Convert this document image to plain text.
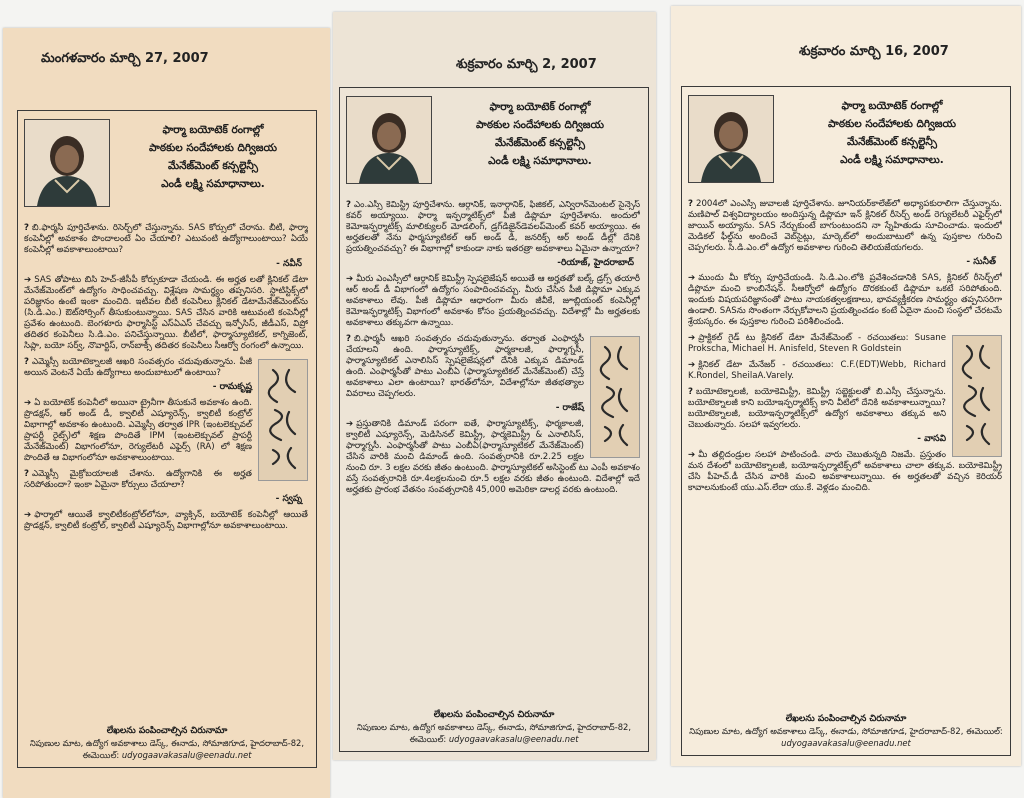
మంగళవారం మార్చి 27, 2007
ఫార్మా బయోటెక్ రంగాల్లో
పాఠకుల సందేహాలకు దిగ్విజయ
మేనేజ్‌మెంట్ కన్సల్టెన్సీ
ఎండీ లక్ష్మి సమాధానాలు.
? బి.ఫార్మసీ పూర్తిచేశాను. రిసెర్చ్‌లో చేస్తున్నాను. SAS కోర్సులో చేరాను. బీటీ, ఫార్మా కంపెనీల్లో అవకాశం పొందాలంటే ఏం చేయాలి? ఎటువంటి ఉద్యోగాలుంటాయి? ఏయే కంపెనీల్లో అవకాశాలుంటాయి?
- నవీన్
➔ SAS తోపాటు బిసి హెచ్-జీసీపీ కోర్సుకూడా చేయండి. ఈ అర్హత లతో క్లినికల్ డేటా మేనేజ్‌మెంట్‌లో ఉద్యోగం సాధించవచ్చు. విశ్లేషణ సామర్థ్యం తప్పనిసరి. స్టాటిస్టిక్స్‌లో పరిజ్ఞానం ఉంటే ఇంకా మంచిది. ఇటీవల బీటీ కంపెనీలు క్లినికల్ డేటామేనేజ్‌మెంట్‌ను (సి.డి.ఎం.) ఔట్‌సోర్సింగ్ తీసుకుంటున్నాయి. SAS చేసిన వారికి ఆటువంటి కంపెనీల్లో ప్రవేశం ఉంటుంది. బెంగళూరు ఫార్మాసిస్ట్ ఎస్ఏఎస్ చేవచ్చు ఇన్ఫోసిస్, జీడీఎస్, విప్రో తదితర కంపెనీలు సి.డి.ఎం. పనిచేస్తున్నాయి. బీటీలో, ఫార్మాస్యూటికల్, కాగ్నిజెంట్, సిప్లా, బయో సర్వ్, నొవార్టిస్, రాన్‌బాక్సీ తదితర కంపెనీలు సీఆర్వో రంగంలో ఉన్నాయి.
? ఎమ్మెస్సీ బయోటెక్నాలజీ ఆఖరి సంవత్సరం చదువుతున్నాను. పీజీ అయిన వెంటనే ఏయే ఉద్యోగాలు అందుబాటులో ఉంటాయి?
- రామకృష్ణ
➔ ఏ బయోటెక్ కంపెనీలో అయినా ట్రైనీగా తీసుకునే అవకాశం ఉంది. ప్రొడక్షన్, ఆర్ అండ్ డీ, క్వాలిటీ ఎష్యూరెన్స్, క్వాలిటీ కంట్రోల్ విభాగాల్లో అవకాశం ఉంటుంది. ఎమ్మెస్సీ తర్వాత IPR (ఇంటలెక్చువల్ ప్రాపర్టీ రైట్స్)లో శిక్షణ పొందితే IPM (ఇంటలెక్చువల్ ప్రాపర్టీ మేనేజ్‌మెంట్) విభాగంలోనూ, రెగ్యులేటరీ ఎఫైర్స్ (RA) లో శిక్షణ పొందితే ఆ విభాగంలోనూ అవకాశాలుంటాయి.
? ఎమ్మెస్సీ మైక్రోబయాలజీ చేశాను. ఉద్యోగానికి ఈ అర్హత సరిపోతుందా? ఇంకా ఏమైనా కోర్సులు చేయాలా?
- స్వప్న
➔ ఫార్మాలో ఆయితే క్వాలిటీకంట్రోల్‌లోనూ, వ్యాక్సిన్, బయోటెక్ కంపెనీల్లో ఆయితే ప్రొడక్షన్, క్వాలిటీ కంట్రోల్, క్వాలిటీ ఎష్యూరెన్స్ విభాగాల్లోనూ అవకాశాలుంటాయి.
లేఖలను పంపించాల్సిన చిరునామా
నిపుణుల మాట, ఉద్యోగ అవకాశాలు డెస్క్, ఈనాడు, సోమాజిగూడ, హైదరాబాద్-82, ఈమెయిల్: udyogaavakasalu@eenadu.net
శుక్రవారం మార్చి 2, 2007
ఫార్మా బయోటెక్ రంగాల్లో
పాఠకుల సందేహాలకు దిగ్విజయ
మేనేజ్‌మెంట్ కన్సల్టెన్సీ
ఎండీ లక్ష్మి సమాధానాలు.
? ఎం.ఎస్సీ కెమిస్ట్రీ పూర్తిచేశాను. ఆర్గానిక్, ఇనార్గానిక్, ఫిజికల్, ఎన్విరాన్‌మెంటల్ సైన్సెస్ కవర్ అయ్యాయి. ఫార్మా ఇన్ఫర్మాటిక్స్‌లో పీజీ డిప్లొమా పూర్తిచేశాను. అందులో కెమోఇన్ఫర్మాటిక్స్ మాలిక్యులర్ మోడలింగ్, డ్రగ్‌డిజైన్‌డెవలప్‌మెంట్ కవర్ అయ్యాయి. ఈ అర్హతలతో నేను ఫార్మస్యూటికల్ ఆర్ అండ్ డీ, జనరిక్స్ ఆర్ అండ్ డీల్లో దేనికి ప్రయత్నించవచ్చు? ఈ విభాగాల్లో కాకుండా నాకు ఇతరత్రా అవకాశాలు ఏమైనా ఉన్నాయా?
-రియాజ్, హైదరాబాద్
➔ మీరు ఎంఎస్సీలో ఆర్గానిక్ కెమిస్ట్రీ స్పెషలైజేషన్ అయితే ఆ అర్హతతో బల్క్ డ్రగ్స్ తయారీ ఆర్ అండ్ డీ విభాగంలో ఉద్యోగం సంపాదించవచ్చు. మీరు చేసిన పీజీ డిప్లొమా ఎక్కువ అవకాశాలు లేవు. పీజీ డిప్లొమా ఆధారంగా మీరు జీవీకే, జూబ్లియంట్ కంపెనీల్లో కెమోఇన్ఫర్మాటిక్స్ విభాగంలో అవకాశం కోసం ప్రయత్నించవచ్చు. విదేశాల్లో మీ అర్హతలకు అవకాశాలు తక్కువగా ఉన్నాయి.
? బి.ఫార్మసీ ఆఖరి సంవత్సరం చదువుతున్నాను. తర్వాత ఎంఫార్మసీ చేయాలని ఉంది. ఫార్మాస్యూటిక్స్, ఫార్మకాలజీ, ఫార్మాగ్నసీ, ఫార్మాస్యూటికల్ ఎనాలిసిస్ స్పెషలైజేషన్లలో దేనికి ఎక్కువ డిమాండ్ ఉంది. ఎంఫార్మసీతో పాటు ఎంబీఏ (ఫార్మాస్యూటికల్ మేనేజ్‌మెంట్) చేస్తే అవకాశాలు ఎలా ఉంటాయి? భారత్‌లోనూ, విదేశాల్లోనూ జీతభత్యాల వివరాలు చెప్పగలరు.
- రాజేష్
➔ ప్రస్తుతానికి డిమాండ్ పరంగా ఐతే, ఫార్మాస్యూటిక్స్, ఫార్మకాలజీ, క్వాలిటీ ఎష్యూరెన్స్, మెడిసినల్ కెమిస్ట్రీ, ఫార్మకెమిస్ట్రీ & ఎనాలిసిస్, ఫార్మాగ్నసీ. ఎంఫార్మసీతో పాటు ఎంబీఏ(ఫార్మాస్యూటికల్ మేనేజ్‌మెంట్) చేసిన వారికి మంచి డిమాండ్ ఉంది. సంవత్సరానికి రూ.2.25 లక్షల నుంచి రూ. 3 లక్షల వరకు జీతం ఉంటుంది. ఫార్మాస్యూటికల్ అసిస్టెంట్ టు ఎంపీ అవకాశం వస్తే సంవత్సరానికి రూ.4లక్షలనుంచి రూ.5 లక్షల వరకు జీతం ఉంటుంది. విదేశాల్లో ఇదే అర్హతకు ప్రారంభ వేతనం సంవత్సరానికి 45,000 అమెరికా డాలర్ల వరకు ఉంటుంది.
లేఖలను పంపించాల్సిన చిరునామా
నిపుణుల మాట, ఉద్యోగ అవకాశాలు డెస్క్, ఈనాడు, సోమాజిగూడ, హైదరాబాద్-82, ఈమెయిల్: udyogaavakasalu@eenadu.net
శుక్రవారం మార్చి 16, 2007
ఫార్మా బయోటెక్ రంగాల్లో
పాఠకుల సందేహాలకు దిగ్విజయ
మేనేజ్‌మెంట్ కన్సల్టెన్సీ
ఎండీ లక్ష్మి సమాధానాలు.
? 2004లో ఎంఎస్సీ జువాలజీ పూర్తిచేశాను. జూనియర్‌కాలేజ్‌లో అధ్యాపకురాలిగా చేస్తున్నాను. మణిపాల్ విశ్వవిద్యాలయం అందిస్తున్న డిప్లొమా ఇన్ క్లినికల్ రీసెర్చ్ అండ్ రెగ్యులేటరీ ఎఫైర్స్‌లో జాయిన్ అయ్యాను. SAS నేర్చుకుంటే బాగుంటుందని నా స్నేహితుడు సూచించాడు. ఇందులో మెడికల్ ఫీల్డ్‌ను అందించే వెబ్‌సైట్లు, మార్కెట్‌లో అందుబాటులో ఉన్న పుస్తకాల గురించి చెప్పగలరు. సి.డి.ఎం.లో ఉద్యోగ అవకాశాల గురించి తెలియజేయగలరు.
- సునీత్
➔ ముందు మీ కోర్సు పూర్తిచేయండి. సి.డి.ఎం.లోకి ప్రవేశించడానికి SAS, క్లినికల్ రీసెర్చ్‌లో డిప్లొమా మంచి కాంబినేషన్. సీఆర్వోలో ఉద్యోగం దొరకకుంటే డిప్లొమా ఒకటే సరిపోతుంది. ఇందుకు విషయపరిజ్ఞానంతో పాటు నాయకత్వలక్షణాలు, భావవ్యక్తీకరణ సామర్థ్యం తప్పనిసరిగా ఉండాలి. SASను సొంతంగా నేర్చుకోవాలని ప్రయత్నించడం కంటే ఏదైనా మంచి సంస్థలో చేరటమే శ్రేయస్కరం. ఈ పుస్తకాల గురించి పరిశీలించండి.
➔ ప్రాక్టికల్ గైడ్ టు క్లినికల్ డేటా మేనేజ్‌మెంట్ - రచయితలు: Susane Prokscha, Michael H. Anisfeld, Steven R Goldstein
➔ క్లినికల్ డేటా మేనేజర్ - రచయితలు: C.F.(EDT)Webb, Richard K.Rondel, SheilaA.Varely.
? బయోటెక్నాలజీ, బయోకెమిస్ట్రీ, కెమిస్ట్రీ సబ్జెక్టులతో బి.ఎస్సీ చేస్తున్నాను. బయోటెక్నాలజీ కాని బయోఇన్ఫర్మాటిక్స్ కాని వీటిలో దేనికి అవకాశాలున్నాయి? బయోటెక్నాలజీ, బయోఇన్ఫర్మాటిక్స్‌లో ఉద్యోగ అవకాశాలు తక్కువ అని చెబుతున్నారు. సలహా ఇవ్వగలరు.
- వాసవి
➔ మీ తల్లిదండ్రుల సలహా పాటించండి. వారు చెబుతున్నది నిజమే. ప్రస్తుతం మన దేశంలో బయోటెక్నాలజీ, బయోఇన్ఫర్మాటిక్స్‌లో అవకాశాలు చాలా తక్కువ. బయోకెమిస్ట్రీ చేసి పీహెచ్.డీ చేసిన వారికి మంచి అవకాశాలున్నాయి. ఈ అర్హతలతో వచ్చిన కెరియర్ కావాలనుకుంటే యు.ఎస్.లేదా యు.కే. వెళ్లడం మంచిది.
లేఖలను పంపించాల్సిన చిరునామా
నిపుణుల మాట, ఉద్యోగ అవకాశాలు డెస్క్, ఈనాడు, సోమాజిగూడ, హైదరాబాద్-82, ఈమెయిల్: udyogaavakasalu@eenadu.net
